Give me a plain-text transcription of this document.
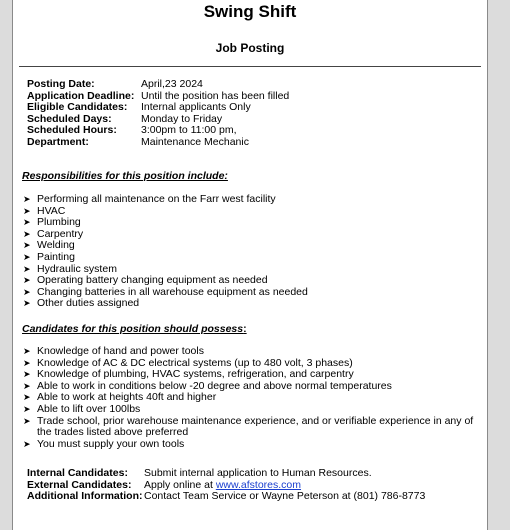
Swing Shift
Job Posting
Posting Date:	April,23 2024
Application Deadline: Until the position has been filled
Eligible Candidates:	Internal applicants Only
Scheduled Days:	Monday to Friday
Scheduled Hours:	3:00pm to 11:00 pm,
Department:	Maintenance Mechanic
Responsibilities for this position include:
➤ Performing all maintenance on the Farr west facility
➤ HVAC
➤ Plumbing
➤ Carpentry
➤ Welding
➤ Painting
➤ Hydraulic system
➤ Operating battery changing equipment as needed
➤ Changing batteries in all warehouse equipment as needed
➤ Other duties assigned
Candidates for this position should possess:
➤ Knowledge of hand and power tools
➤ Knowledge of AC & DC electrical systems (up to 480 volt, 3 phases)
➤ Knowledge of plumbing, HVAC systems, refrigeration, and carpentry
➤ Able to work in conditions below -20 degree and above normal temperatures
➤ Able to work at heights 40ft and higher
➤ Able to lift over 100lbs
➤ Trade school, prior warehouse maintenance experience, and or verifiable experience in any of the trades listed above preferred
➤ You must supply your own tools
Internal Candidates:	Submit internal application to Human Resources.
External Candidates:	Apply online at www.afstores.com
Additional Information: Contact Team Service or Wayne Peterson at (801) 786-8773
